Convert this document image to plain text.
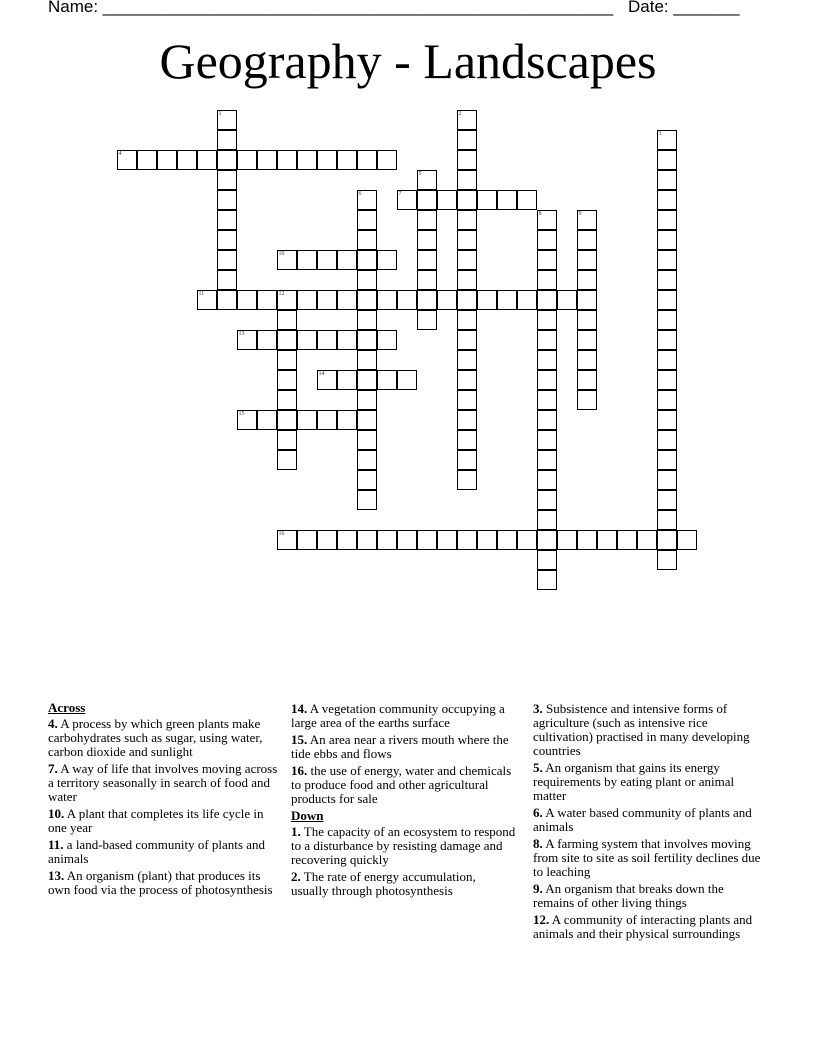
Name: ______________________________________________________ Date: _______
Geography - Landscapes
1	2
3
4
5
6	7
8	9
10
11	12
13
14
15
16
Across
4. A process by which green plants make carbohydrates such as sugar, using water, carbon dioxide and sunlight
7. A way of life that involves moving across a territory seasonally in search of food and water
10. A plant that completes its life cycle in one year
11. a land-based community of plants and animals
13. An organism (plant) that produces its own food via the process of photosynthesis
14. A vegetation community occupying a large area of the earths surface
15. An area near a rivers mouth where the tide ebbs and flows
16. the use of energy, water and chemicals to produce food and other agricultural products for sale
Down
1. The capacity of an ecosystem to respond to a disturbance by resisting damage and recovering quickly
2. The rate of energy accumulation, usually through photosynthesis
3. Subsistence and intensive forms of agriculture (such as intensive rice cultivation) practised in many developing countries
5. An organism that gains its energy requirements by eating plant or animal matter
6. A water based community of plants and animals
8. A farming system that involves moving from site to site as soil fertility declines due to leaching
9. An organism that breaks down the remains of other living things
12. A community of interacting plants and animals and their physical surroundings
